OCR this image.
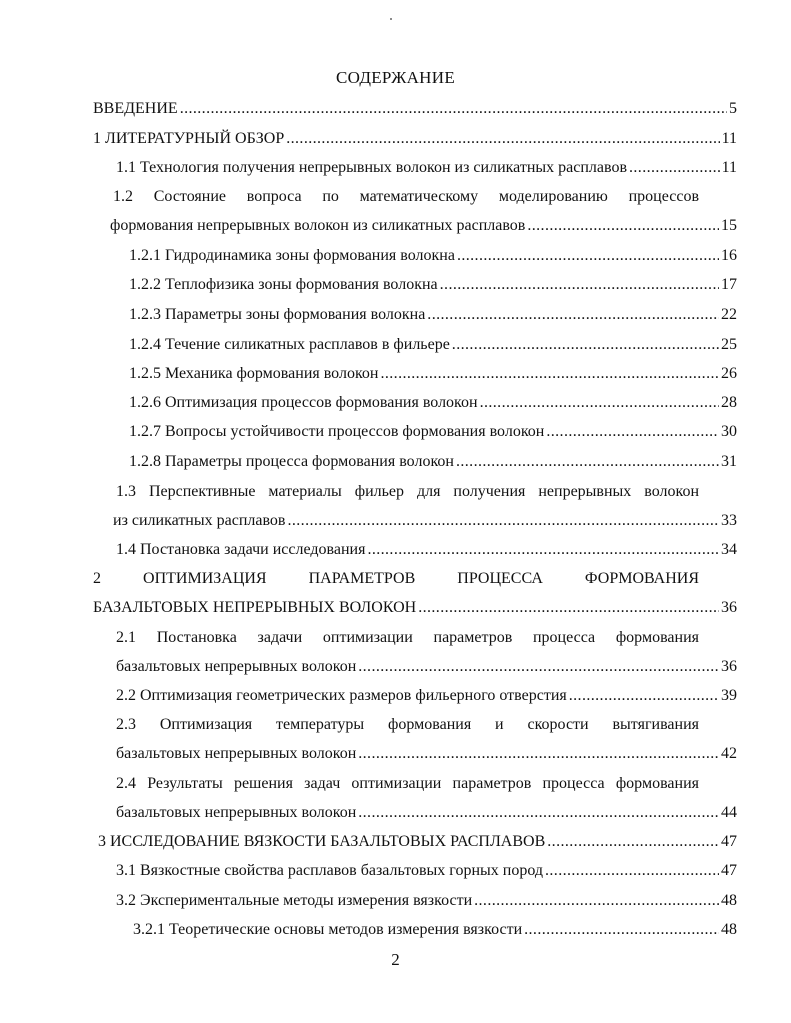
СОДЕРЖАНИЕ
ВВЕДЕНИЕ .....	5
1 ЛИТЕРАТУРНЫЙ ОБЗОР .....	11
1.1 Технология получения непрерывных волокон из силикатных расплавов .....	11
1.2 Состояние вопроса по математическому моделированию процессов
формования непрерывных волокон из силикатных расплавов .....	15
1.2.1 Гидродинамика зоны формования волокна .....	16
1.2.2 Теплофизика зоны формования волокна .....	17
1.2.3 Параметры зоны формования волокна .....	22
1.2.4 Течение силикатных расплавов в фильере .....	25
1.2.5 Механика формования волокон .....	26
1.2.6 Оптимизация процессов формования волокон .....	28
1.2.7 Вопросы устойчивости процессов формования волокон .....	30
1.2.8 Параметры процесса формования волокон .....	31
1.3 Перспективные материалы фильер для получения непрерывных волокон
из силикатных расплавов .....	33
1.4 Постановка задачи исследования .....	34
2 ОПТИМИЗАЦИЯ ПАРАМЕТРОВ ПРОЦЕССА ФОРМОВАНИЯ
БАЗАЛЬТОВЫХ НЕПРЕРЫВНЫХ ВОЛОКОН .....	36
2.1 Постановка задачи оптимизации параметров процесса формования
базальтовых непрерывных волокон .....	36
2.2 Оптимизация геометрических размеров фильерного отверстия .....	39
2.3 Оптимизация температуры формования и скорости вытягивания
базальтовых непрерывных волокон .....	42
2.4 Результаты решения задач оптимизации параметров процесса формования
базальтовых непрерывных волокон .....	44
3 ИССЛЕДОВАНИЕ ВЯЗКОСТИ БАЗАЛЬТОВЫХ РАСПЛАВОВ .....	47
3.1 Вязкостные свойства расплавов базальтовых горных пород .....	47
3.2 Экспериментальные методы измерения вязкости .....	48
3.2.1 Теоретические основы методов измерения вязкости .....	48
2
